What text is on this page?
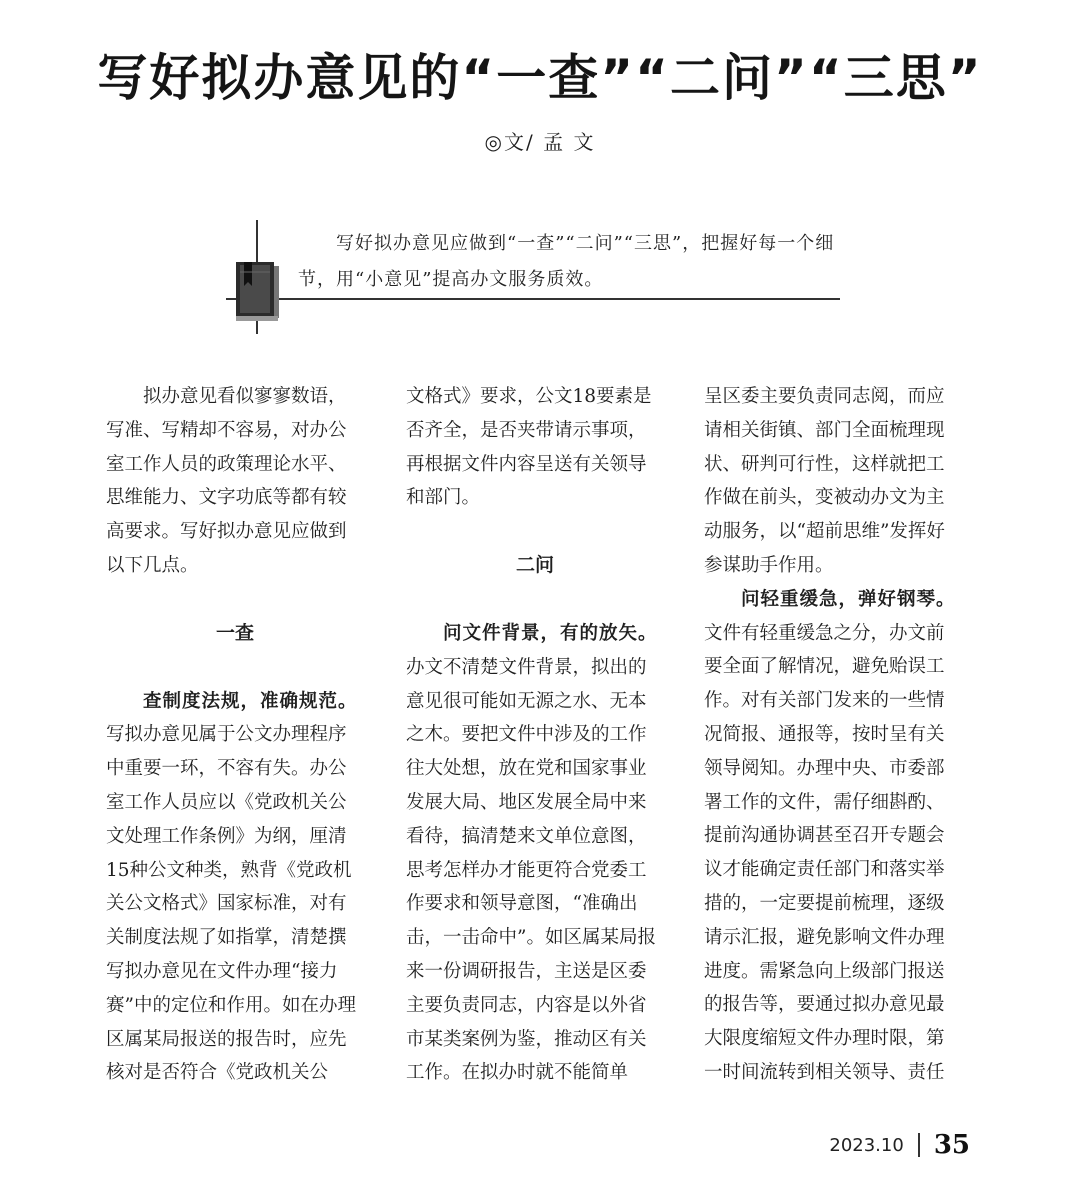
写好拟办意见的“一查”“二问”“三思”
◎文/ 孟 文

写好拟办意见应做到“一查”“二问”“三思”，把握好每一个细节，用“小意见”提高办文服务质效。

拟办意见看似寥寥数语，写准、写精却不容易，对办公室工作人员的政策理论水平、思维能力、文字功底等都有较高要求。写好拟办意见应做到以下几点。

一查

查制度法规，准确规范。

写拟办意见属于公文办理程序中重要一环，不容有失。办公室工作人员应以《党政机关公文处理工作条例》为纲，厘清15种公文种类，熟背《党政机关公文格式》国家标准，对有关制度法规了如指掌，清楚撰写拟办意见在文件办理“接力赛”中的定位和作用。如在办理区属某局报送的报告时，应先核对是否符合《党政机关公

文格式》要求，公文18要素是否齐全，是否夹带请示事项，再根据文件内容呈送有关领导和部门。

二问

问文件背景，有的放矢。

办文不清楚文件背景，拟出的意见很可能如无源之水、无本之木。要把文件中涉及的工作往大处想，放在党和国家事业发展大局、地区发展全局中来看待，搞清楚来文单位意图，思考怎样办才能更符合党委工作要求和领导意图，“准确出击，一击命中”。如区属某局报来一份调研报告，主送是区委主要负责同志，内容是以外省市某类案例为鉴，推动区有关工作。在拟办时就不能简单

呈区委主要负责同志阅，而应请相关街镇、部门全面梳理现状、研判可行性，这样就把工作做在前头，变被动办文为主动服务，以“超前思维”发挥好参谋助手作用。

问轻重缓急，弹好钢琴。

文件有轻重缓急之分，办文前要全面了解情况，避免贻误工作。对有关部门发来的一些情况简报、通报等，按时呈有关领导阅知。办理中央、市委部署工作的文件，需仔细斟酌、提前沟通协调甚至召开专题会议才能确定责任部门和落实举措的，一定要提前梳理，逐级请示汇报，避免影响文件办理进度。需紧急向上级部门报送的报告等，要通过拟办意见最大限度缩短文件办理时限，第一时间流转到相关领导、责任

2023.10 35
